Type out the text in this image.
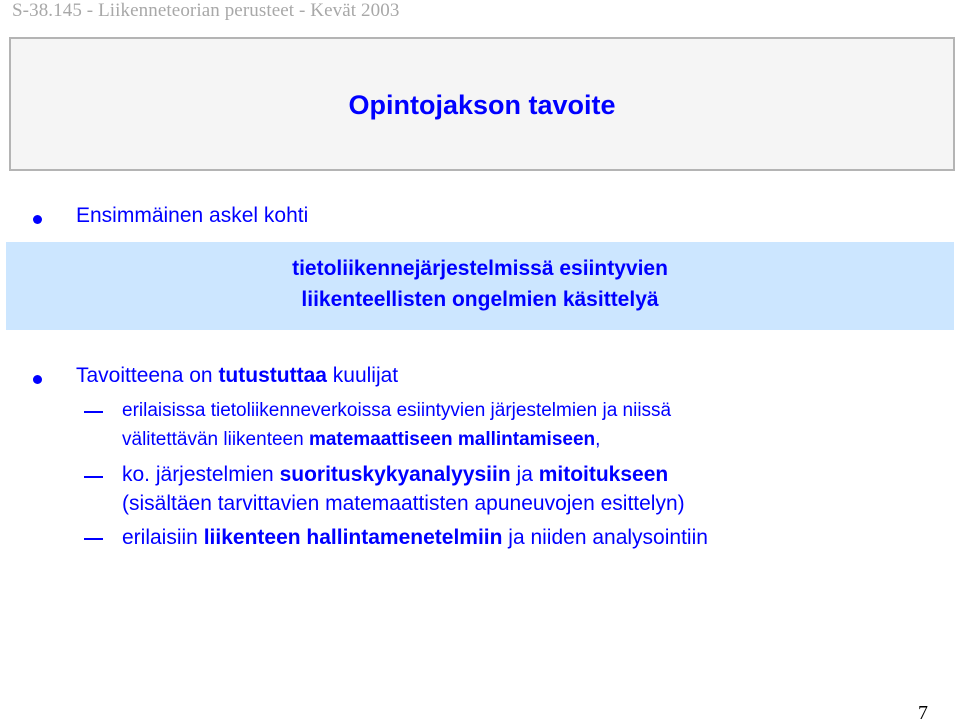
S-38.145 - Liikenneteorian perusteet - Kevät 2003
Opintojakson tavoite
Ensimmäinen askel kohti
tietoliikennejärjestelmissä esiintyvien
liikenteellisten ongelmien käsittelyä
Tavoitteena on tutustuttaa kuulijat
erilaisissa tietoliikenneverkoissa esiintyvien järjestelmien ja niissä
välitettävän liikenteen matemaattiseen mallintamiseen,
ko. järjestelmien suorituskykyanalyysiin ja mitoitukseen
(sisältäen tarvittavien matemaattisten apuneuvojen esittelyn)
erilaisiin liikenteen hallintamenetelmiin ja niiden analysointiin
7
